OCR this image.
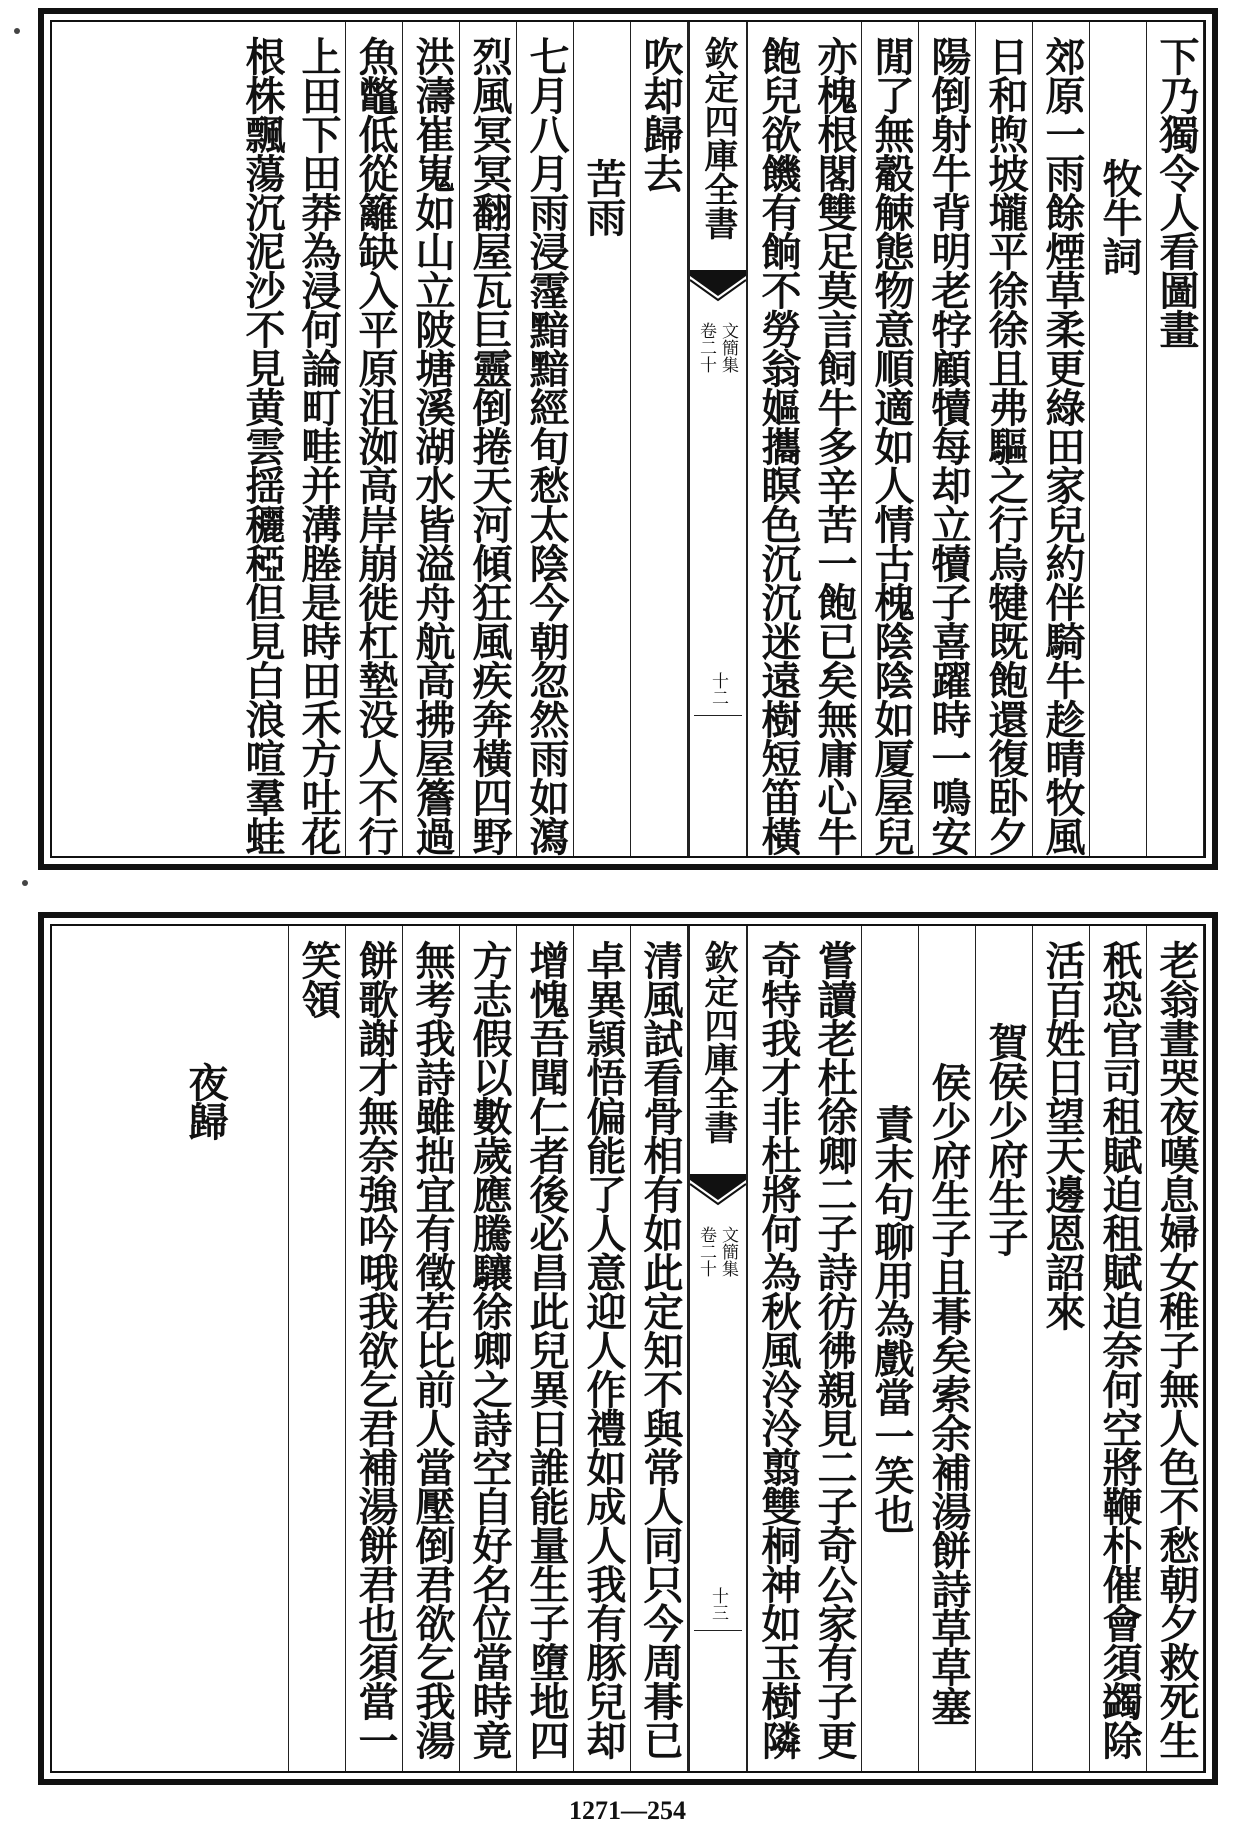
下乃獨令人看圖畫
牧牛詞
郊原一雨餘煙草柔更綠田家兒約伴騎牛趁晴牧風
日和煦坡壠平徐徐且弗驅之行烏犍既飽還復卧夕
陽倒射牛背明老牸顧犢每却立犢子喜躍時一鳴安
閒了無觳觫態物意順適如人情古槐陰陰如厦屋兒
亦槐根閣雙足莫言飼牛多辛苦一飽已矣無庸心牛
飽兒欲饑有餉不勞翁嫗攜瞑色沉沉迷遠樹短笛橫
欽定四庫全書
文簡集
卷二十
十二
吹却歸去
苦雨
七月八月雨浸霪黯黯經旬愁太陰今朝忽然雨如瀉
烈風冥冥翻屋瓦巨靈倒捲天河傾狂風疾奔橫四野
洪濤崔嵬如山立陂塘溪湖水皆溢舟航高拂屋簷過
魚鼈低從籬缺入平原沮洳高岸崩徙杠墊没人不行
上田下田莽為浸何論町畦并溝塍是時田禾方吐花
根株飄蕩沉泥沙不見黄雲揺穲稏但見白浪喧羣蛙
老翁晝哭夜嘆息婦女稚子無人色不愁朝夕救死生
秖恐官司租賦迫租賦迫奈何空將鞭朴催會須蠲除
活百姓日望天邊恩詔來
賀侯少府生子
侯少府生子且朞矣索余補湯餅詩草草塞
責末句聊用為戲當一笑也
嘗讀老杜徐卿二子詩彷彿親見二子奇公家有子更
奇特我才非杜將何為秋風泠泠翦雙桐神如玉樹隣
欽定四庫全書
文簡集
卷二十
十三
清風試看骨相有如此定知不與常人同只今周朞已
卓異頴悟偏能了人意迎人作禮如成人我有豚兒却
增愧吾聞仁者後必昌此兒異日誰能量生子墮地四
方志假以數歲應騰驤徐卿之詩空自好名位當時竟
無考我詩雖拙宜有徵若比前人當壓倒君欲乞我湯
餅歌謝才無奈強吟哦我欲乞君補湯餅君也須當一
笑領
夜歸
1271—254
